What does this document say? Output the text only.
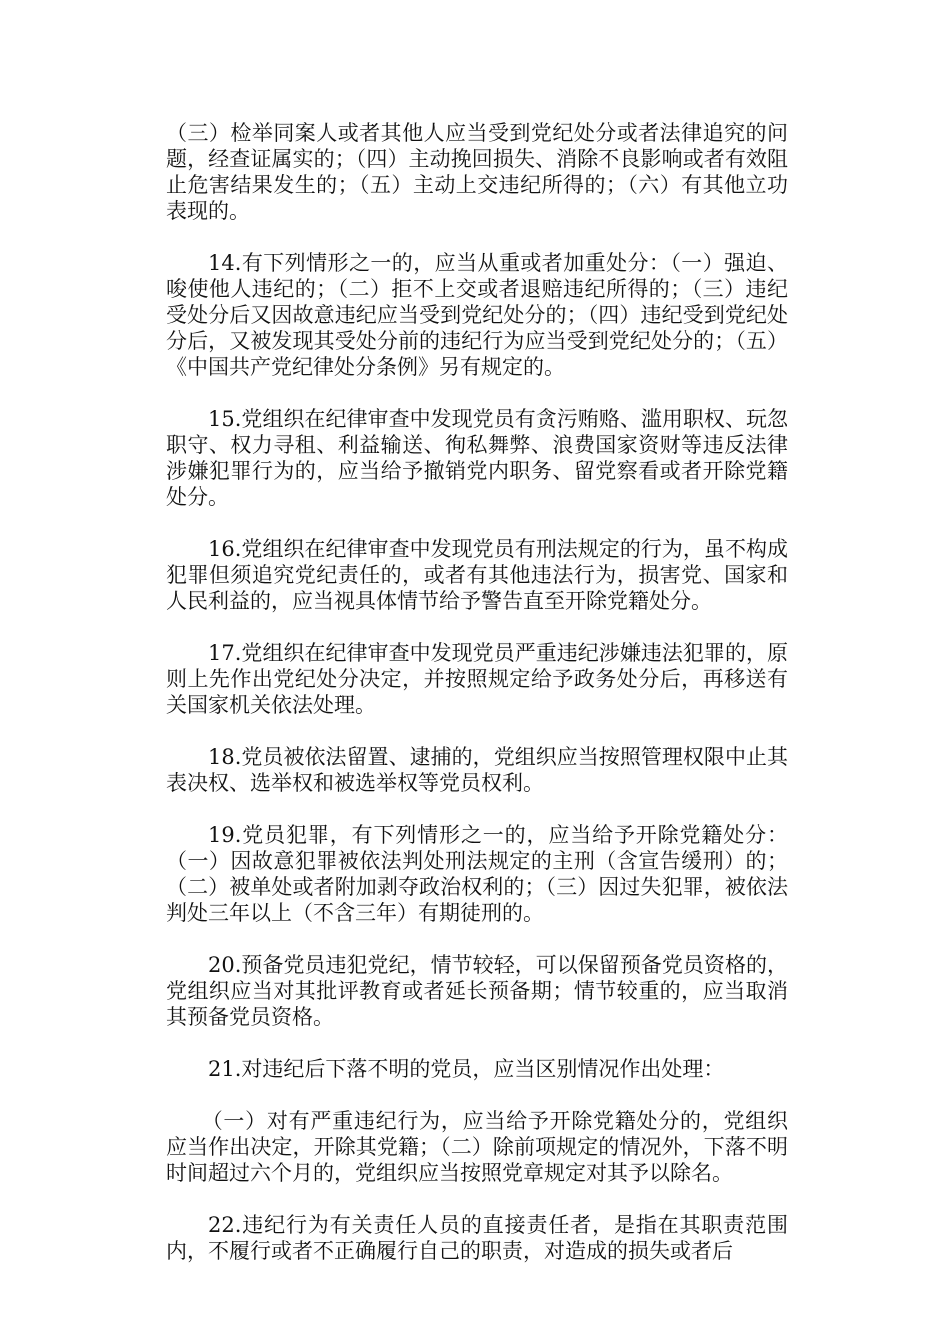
（三）检举同案人或者其他人应当受到党纪处分或者法律追究的问题，经查证属实的；（四）主动挽回损失、消除不良影响或者有效阻止危害结果发生的；（五）主动上交违纪所得的；（六）有其他立功表现的。

14.有下列情形之一的，应当从重或者加重处分：（一）强迫、唆使他人违纪的；（二）拒不上交或者退赔违纪所得的；（三）违纪受处分后又因故意违纪应当受到党纪处分的；（四）违纪受到党纪处分后，又被发现其受处分前的违纪行为应当受到党纪处分的；（五）《中国共产党纪律处分条例》另有规定的。

15.党组织在纪律审查中发现党员有贪污贿赂、滥用职权、玩忽职守、权力寻租、利益输送、徇私舞弊、浪费国家资财等违反法律涉嫌犯罪行为的，应当给予撤销党内职务、留党察看或者开除党籍处分。

16.党组织在纪律审查中发现党员有刑法规定的行为，虽不构成犯罪但须追究党纪责任的，或者有其他违法行为，损害党、国家和人民利益的，应当视具体情节给予警告直至开除党籍处分。

17.党组织在纪律审查中发现党员严重违纪涉嫌违法犯罪的，原则上先作出党纪处分决定，并按照规定给予政务处分后，再移送有关国家机关依法处理。

18.党员被依法留置、逮捕的，党组织应当按照管理权限中止其表决权、选举权和被选举权等党员权利。

19.党员犯罪，有下列情形之一的，应当给予开除党籍处分：（一）因故意犯罪被依法判处刑法规定的主刑（含宣告缓刑）的；（二）被单处或者附加剥夺政治权利的；（三）因过失犯罪，被依法判处三年以上（不含三年）有期徒刑的。

20.预备党员违犯党纪，情节较轻，可以保留预备党员资格的，党组织应当对其批评教育或者延长预备期；情节较重的，应当取消其预备党员资格。

21.对违纪后下落不明的党员，应当区别情况作出处理：

（一）对有严重违纪行为，应当给予开除党籍处分的，党组织应当作出决定，开除其党籍；（二）除前项规定的情况外，下落不明时间超过六个月的，党组织应当按照党章规定对其予以除名。

22.违纪行为有关责任人员的直接责任者，是指在其职责范围内，不履行或者不正确履行自己的职责，对造成的损失或者后
